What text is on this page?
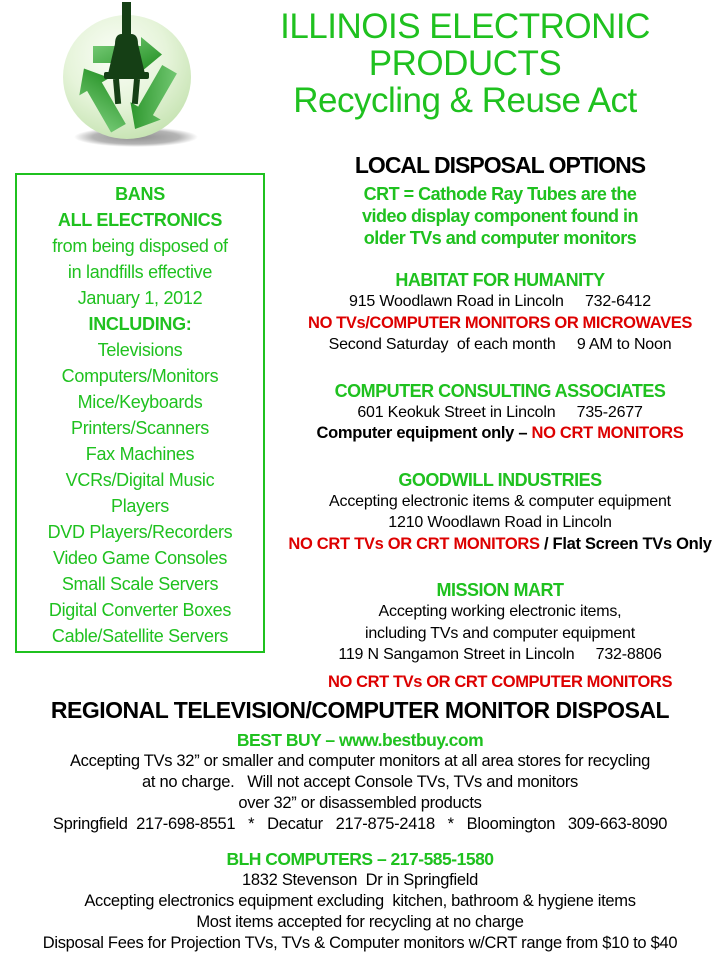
ILLINOIS ELECTRONIC
PRODUCTS
Recycling & Reuse Act
BANS
ALL ELECTRONICS
from being disposed of
in landfills effective
January 1, 2012
INCLUDING:
Televisions
Computers/Monitors
Mice/Keyboards
Printers/Scanners
Fax Machines
VCRs/Digital Music
Players
DVD Players/Recorders
Video Game Consoles
Small Scale Servers
Digital Converter Boxes
Cable/Satellite Servers
LOCAL DISPOSAL OPTIONS
CRT = Cathode Ray Tubes are the
video display component found in
older TVs and computer monitors
HABITAT FOR HUMANITY
915 Woodlawn Road in Lincoln     732-6412
NO TVs/COMPUTER MONITORS OR MICROWAVES
Second Saturday  of each month     9 AM to Noon
COMPUTER CONSULTING ASSOCIATES
601 Keokuk Street in Lincoln     735-2677
Computer equipment only – NO CRT MONITORS
GOODWILL INDUSTRIES
Accepting electronic items & computer equipment
1210 Woodlawn Road in Lincoln
NO CRT TVs OR CRT MONITORS / Flat Screen TVs Only
MISSION MART
Accepting working electronic items,
including TVs and computer equipment
119 N Sangamon Street in Lincoln     732-8806
NO CRT TVs OR CRT COMPUTER MONITORS
REGIONAL TELEVISION/COMPUTER MONITOR DISPOSAL
BEST BUY – www.bestbuy.com
Accepting TVs 32” or smaller and computer monitors at all area stores for recycling
at no charge.   Will not accept Console TVs, TVs and monitors
over 32” or disassembled products
Springfield  217-698-8551   *   Decatur   217-875-2418   *   Bloomington   309-663-8090
BLH COMPUTERS – 217-585-1580
1832 Stevenson  Dr in Springfield
Accepting electronics equipment excluding  kitchen, bathroom & hygiene items
Most items accepted for recycling at no charge
Disposal Fees for Projection TVs, TVs & Computer monitors w/CRT range from $10 to $40
